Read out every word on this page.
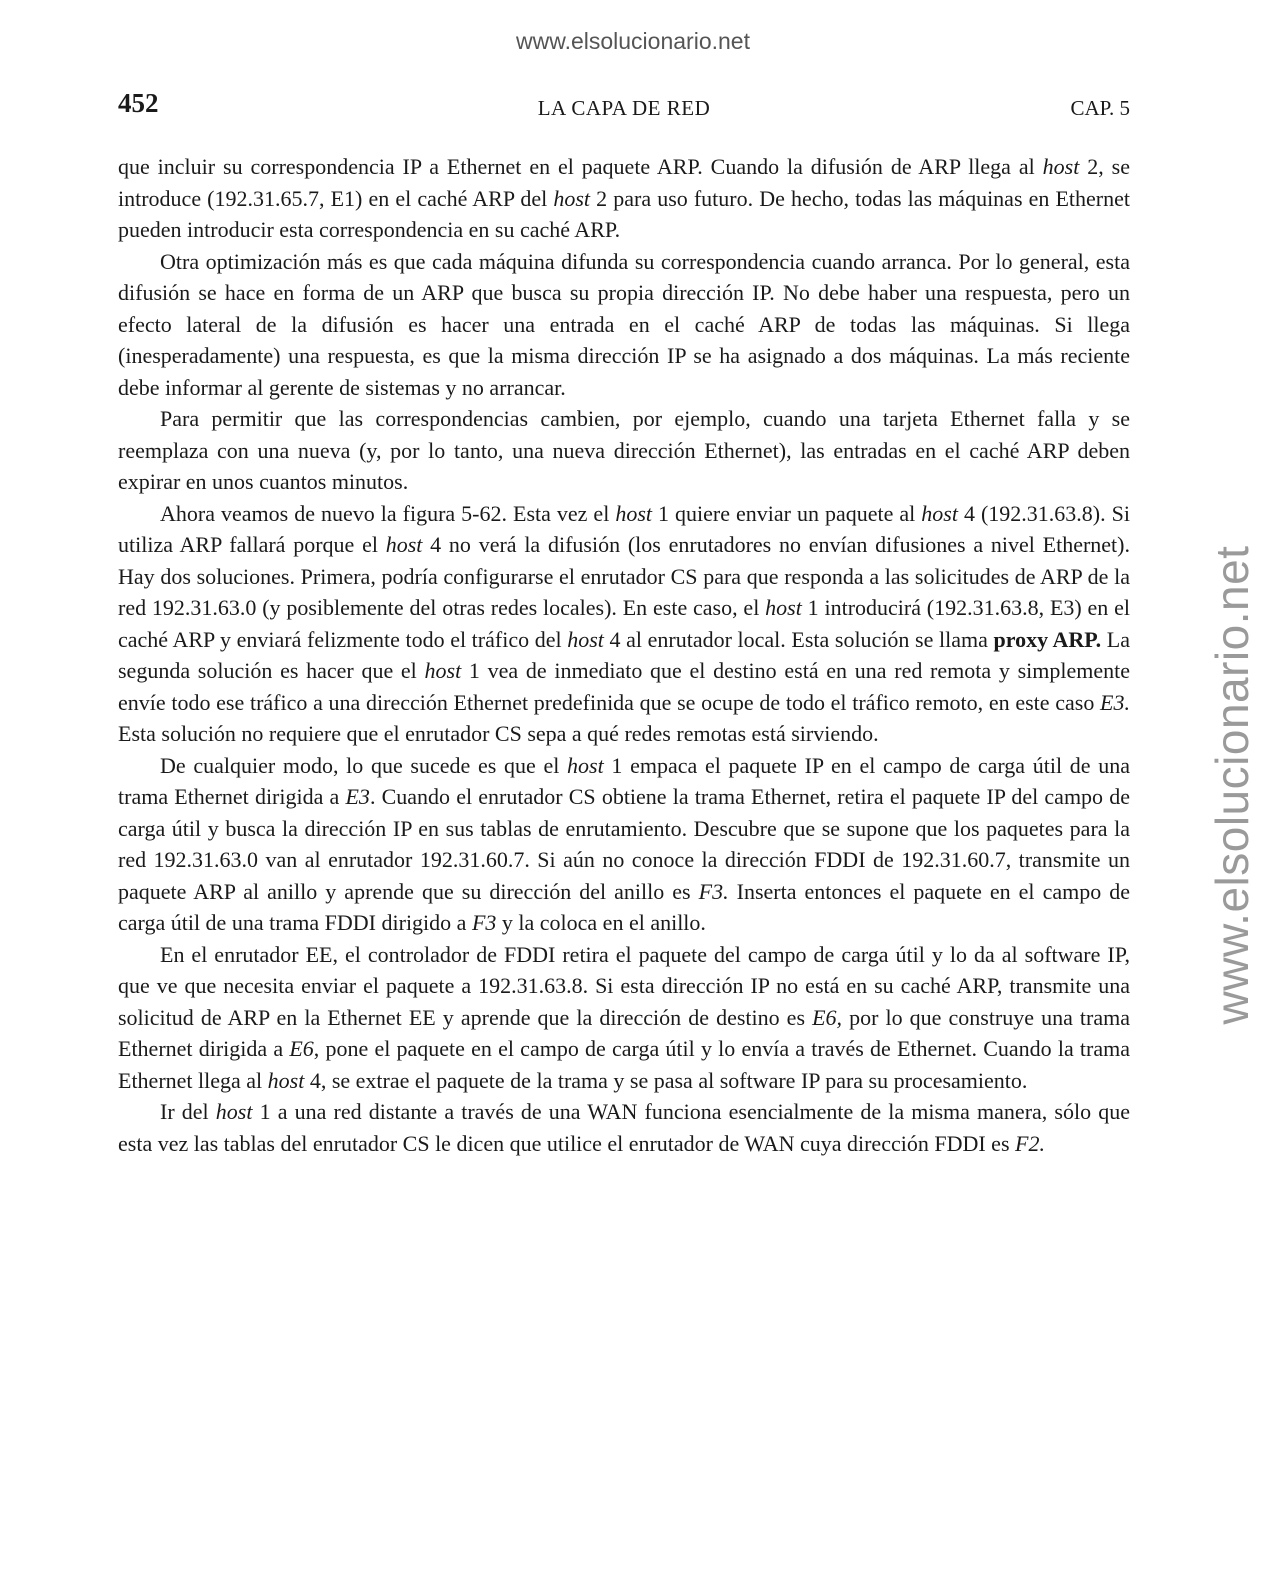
www.elsolucionario.net
www.elsolucionario.net
452	LA CAPA DE RED	CAP. 5

que incluir su correspondencia IP a Ethernet en el paquete ARP. Cuando la difusión de ARP llega al host 2, se introduce (192.31.65.7, E1) en el caché ARP del host 2 para uso futuro. De hecho, todas las máquinas en Ethernet pueden introducir esta correspondencia en su caché ARP.

Otra optimización más es que cada máquina difunda su correspondencia cuando arranca. Por lo general, esta difusión se hace en forma de un ARP que busca su propia dirección IP. No debe haber una respuesta, pero un efecto lateral de la difusión es hacer una entrada en el caché ARP de todas las máquinas. Si llega (inesperadamente) una respuesta, es que la misma dirección IP se ha asignado a dos máquinas. La más reciente debe informar al gerente de sistemas y no arrancar.

Para permitir que las correspondencias cambien, por ejemplo, cuando una tarjeta Ethernet falla y se reemplaza con una nueva (y, por lo tanto, una nueva dirección Ethernet), las entradas en el caché ARP deben expirar en unos cuantos minutos.

Ahora veamos de nuevo la figura 5-62. Esta vez el host 1 quiere enviar un paquete al host 4 (192.31.63.8). Si utiliza ARP fallará porque el host 4 no verá la difusión (los enrutadores no envían difusiones a nivel Ethernet). Hay dos soluciones. Primera, podría configurarse el enrutador CS para que responda a las solicitudes de ARP de la red 192.31.63.0 (y posiblemente del otras redes locales). En este caso, el host 1 introducirá (192.31.63.8, E3) en el caché ARP y enviará felizmente todo el tráfico del host 4 al enrutador local. Esta solución se llama proxy ARP. La segunda solución es hacer que el host 1 vea de inmediato que el destino está en una red remota y simplemente envíe todo ese tráfico a una dirección Ethernet predefinida que se ocupe de todo el tráfico remoto, en este caso E3. Esta solución no requiere que el enrutador CS sepa a qué redes remotas está sirviendo.

De cualquier modo, lo que sucede es que el host 1 empaca el paquete IP en el campo de carga útil de una trama Ethernet dirigida a E3. Cuando el enrutador CS obtiene la trama Ethernet, retira el paquete IP del campo de carga útil y busca la dirección IP en sus tablas de enrutamiento. Descubre que se supone que los paquetes para la red 192.31.63.0 van al enrutador 192.31.60.7. Si aún no conoce la dirección FDDI de 192.31.60.7, transmite un paquete ARP al anillo y aprende que su dirección del anillo es F3. Inserta entonces el paquete en el campo de carga útil de una trama FDDI dirigido a F3 y la coloca en el anillo.

En el enrutador EE, el controlador de FDDI retira el paquete del campo de carga útil y lo da al software IP, que ve que necesita enviar el paquete a 192.31.63.8. Si esta dirección IP no está en su caché ARP, transmite una solicitud de ARP en la Ethernet EE y aprende que la dirección de destino es E6, por lo que construye una trama Ethernet dirigida a E6, pone el paquete en el campo de carga útil y lo envía a través de Ethernet. Cuando la trama Ethernet llega al host 4, se extrae el paquete de la trama y se pasa al software IP para su procesamiento.

Ir del host 1 a una red distante a través de una WAN funciona esencialmente de la misma manera, sólo que esta vez las tablas del enrutador CS le dicen que utilice el enrutador de WAN cuya dirección FDDI es F2.
